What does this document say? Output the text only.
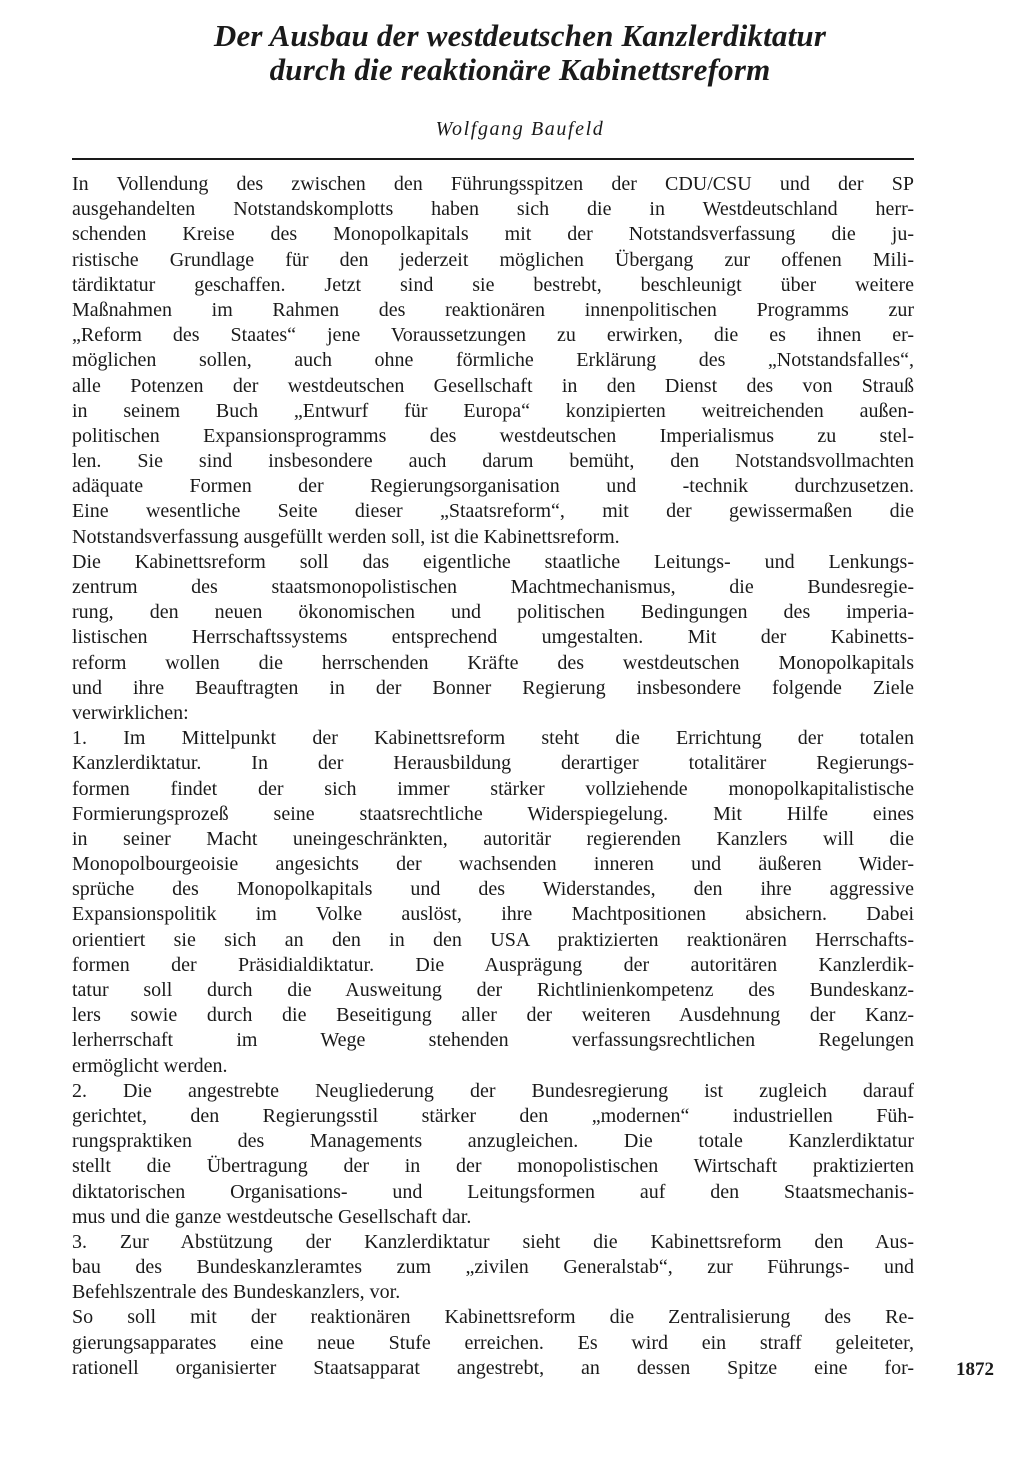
Der Ausbau der westdeutschen Kanzlerdiktatur
durch die reaktionäre Kabinettsreform
Wolfgang Baufeld
In Vollendung des zwischen den Führungsspitzen der CDU/CSU und der SP
ausgehandelten Notstandskomplotts haben sich die in Westdeutschland herr-
schenden Kreise des Monopolkapitals mit der Notstandsverfassung die ju-
ristische Grundlage für den jederzeit möglichen Übergang zur offenen Mili-
tärdiktatur geschaffen. Jetzt sind sie bestrebt, beschleunigt über weitere
Maßnahmen im Rahmen des reaktionären innenpolitischen Programms zur
„Reform des Staates“ jene Voraussetzungen zu erwirken, die es ihnen er-
möglichen sollen, auch ohne förmliche Erklärung des „Notstandsfalles“,
alle Potenzen der westdeutschen Gesellschaft in den Dienst des von Strauß
in seinem Buch „Entwurf für Europa“ konzipierten weitreichenden außen-
politischen Expansionsprogramms des westdeutschen Imperialismus zu stel-
len. Sie sind insbesondere auch darum bemüht, den Notstandsvollmachten
adäquate Formen der Regierungsorganisation und -technik durchzusetzen.
Eine wesentliche Seite dieser „Staatsreform“, mit der gewissermaßen die
Notstandsverfassung ausgefüllt werden soll, ist die Kabinettsreform.
Die Kabinettsreform soll das eigentliche staatliche Leitungs- und Lenkungs-
zentrum des staatsmonopolistischen Machtmechanismus, die Bundesregie-
rung, den neuen ökonomischen und politischen Bedingungen des imperia-
listischen Herrschaftssystems entsprechend umgestalten. Mit der Kabinetts-
reform wollen die herrschenden Kräfte des westdeutschen Monopolkapitals
und ihre Beauftragten in der Bonner Regierung insbesondere folgende Ziele
verwirklichen:
1. Im Mittelpunkt der Kabinettsreform steht die Errichtung der totalen
Kanzlerdiktatur. In der Herausbildung derartiger totalitärer Regierungs-
formen findet der sich immer stärker vollziehende monopolkapitalistische
Formierungsprozeß seine staatsrechtliche Widerspiegelung. Mit Hilfe eines
in seiner Macht uneingeschränkten, autoritär regierenden Kanzlers will die
Monopolbourgeoisie angesichts der wachsenden inneren und äußeren Wider-
sprüche des Monopolkapitals und des Widerstandes, den ihre aggressive
Expansionspolitik im Volke auslöst, ihre Machtpositionen absichern. Dabei
orientiert sie sich an den in den USA praktizierten reaktionären Herrschafts-
formen der Präsidialdiktatur. Die Ausprägung der autoritären Kanzlerdik-
tatur soll durch die Ausweitung der Richtlinienkompetenz des Bundeskanz-
lers sowie durch die Beseitigung aller der weiteren Ausdehnung der Kanz-
lerherrschaft im Wege stehenden verfassungsrechtlichen Regelungen
ermöglicht werden.
2. Die angestrebte Neugliederung der Bundesregierung ist zugleich darauf
gerichtet, den Regierungsstil stärker den „modernen“ industriellen Füh-
rungspraktiken des Managements anzugleichen. Die totale Kanzlerdiktatur
stellt die Übertragung der in der monopolistischen Wirtschaft praktizierten
diktatorischen Organisations- und Leitungsformen auf den Staatsmechanis-
mus und die ganze westdeutsche Gesellschaft dar.
3. Zur Abstützung der Kanzlerdiktatur sieht die Kabinettsreform den Aus-
bau des Bundeskanzleramtes zum „zivilen Generalstab“, zur Führungs- und
Befehlszentrale des Bundeskanzlers, vor.
So soll mit der reaktionären Kabinettsreform die Zentralisierung des Re-
gierungsapparates eine neue Stufe erreichen. Es wird ein straff geleiteter,
rationell organisierter Staatsapparat angestrebt, an dessen Spitze eine for- 1872
